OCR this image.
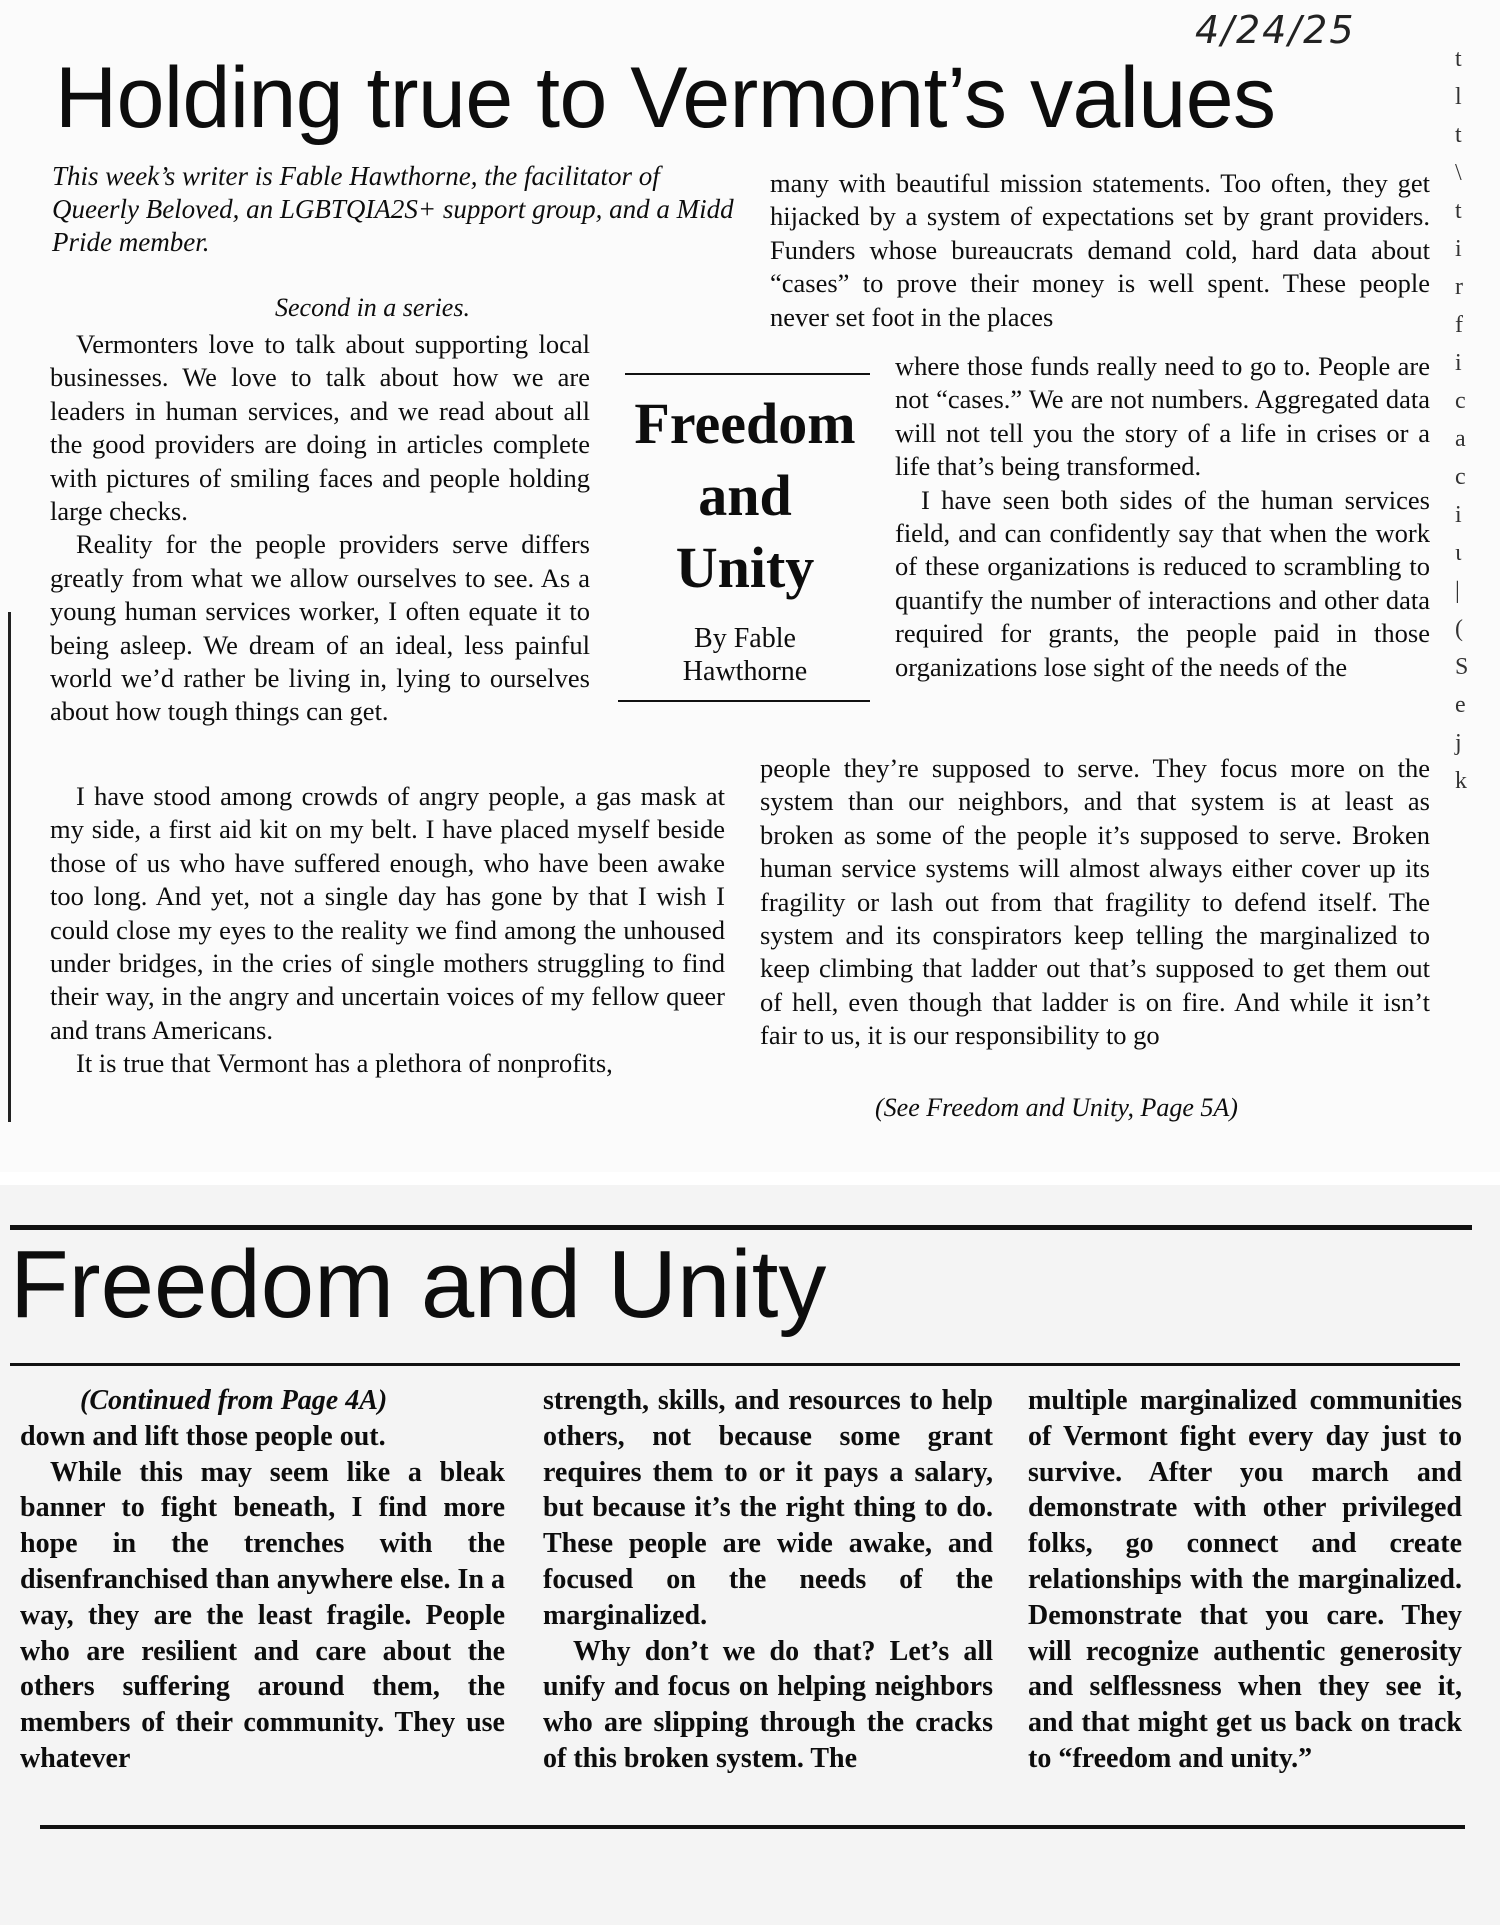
4/24/25
Holding true to Vermont’s values

This week’s writer is Fable Hawthorne, the facilitator of Queerly Beloved, an LGBTQIA2S+ support group, and a Midd Pride member.

Second in a series.

Vermonters love to talk about supporting local businesses. We love to talk about how we are leaders in human services, and we read about all the good providers are doing in articles complete with pictures of smiling faces and people holding large checks.

Reality for the people providers serve differs greatly from what we allow ourselves to see. As a young human services worker, I often equate it to being asleep. We dream of an ideal, less painful world we’d rather be living in, lying to ourselves about how tough things can get.

I have stood among crowds of angry people, a gas mask at my side, a first aid kit on my belt. I have placed myself beside those of us who have suffered enough, who have been awake too long. And yet, not a single day has gone by that I wish I could close my eyes to the reality we find among the unhoused under bridges, in the cries of single mothers struggling to find their way, in the angry and uncertain voices of my fellow queer and trans Americans.

It is true that Vermont has a plethora of nonprofits,

Freedom
and
Unity
By Fable
Hawthorne

many with beautiful mission statements. Too often, they get hijacked by a system of expectations set by grant providers. Funders whose bureaucrats demand cold, hard data about “cases” to prove their money is well spent. These people never set foot in the places

where those funds really need to go to. People are not “cases.” We are not numbers. Aggregated data will not tell you the story of a life in crises or a life that’s being transformed.

I have seen both sides of the human services field, and can confidently say that when the work of these organizations is reduced to scrambling to quantify the number of interactions and other data required for grants, the people paid in those organizations lose sight of the needs of the

people they’re supposed to serve. They focus more on the system than our neighbors, and that system is at least as broken as some of the people it’s supposed to serve. Broken human service systems will almost always either cover up its fragility or lash out from that fragility to defend itself. The system and its conspirators keep telling the marginalized to keep climbing that ladder out that’s supposed to get them out of hell, even though that ladder is on fire. And while it isn’t fair to us, it is our responsibility to go

(See Freedom and Unity, Page 5A)
t
l
t
\
t
i
r
f
i
c
a
c
i
ι
|
(
S
e
j
k
Freedom and Unity
(Continued from Page 4A)

down and lift those people out.

While this may seem like a bleak banner to fight beneath, I find more hope in the trenches with the disenfranchised than anywhere else. In a way, they are the least fragile. People who are resilient and care about the others suffering around them, the members of their community. They use whatever

strength, skills, and resources to help others, not because some grant requires them to or it pays a salary, but because it’s the right thing to do. These people are wide awake, and focused on the needs of the marginalized.

Why don’t we do that? Let’s all unify and focus on helping neighbors who are slipping through the cracks of this broken system. The

multiple marginalized communities of Vermont fight every day just to survive. After you march and demonstrate with other privileged folks, go connect and create relationships with the marginalized. Demonstrate that you care. They will recognize authentic generosity and selflessness when they see it, and that might get us back on track to “freedom and unity.”
